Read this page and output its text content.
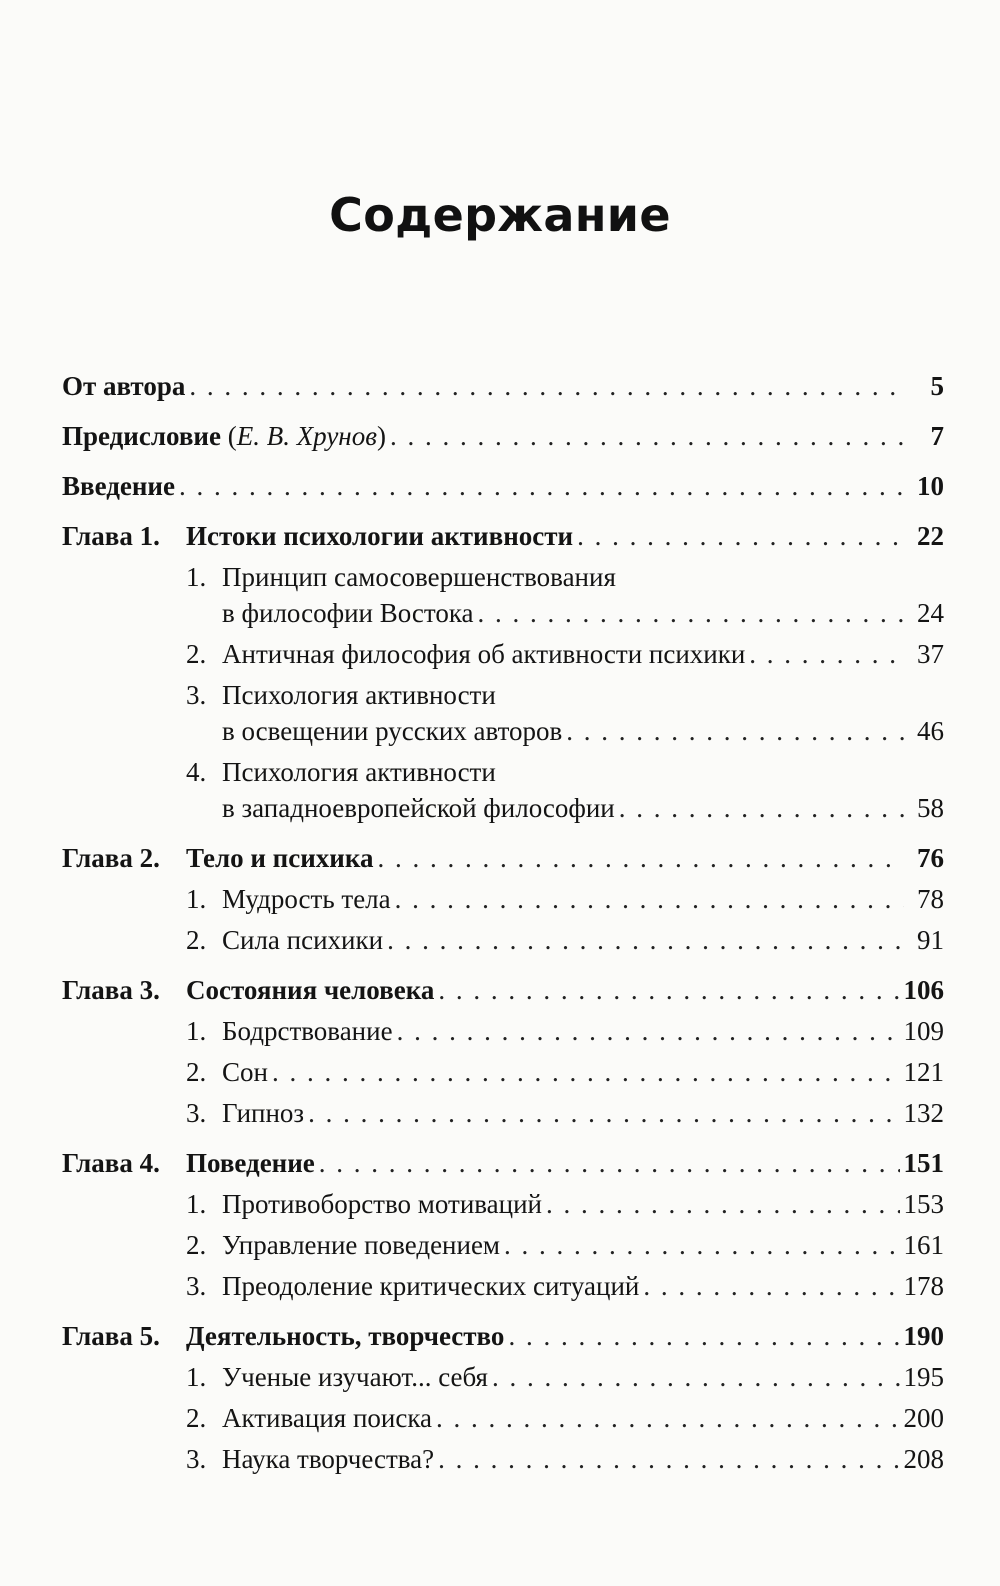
Содержание
От автора . . .	5
Предисловие (Е. В. Хрунов) . . .	7
Введение . . .	10
Глава 1. Истоки психологии активности . . .	22
1. Принцип самосовершенствования
в философии Востока . . .	24
2. Античная философия об активности психики . . .	37
3. Психология активности
в освещении русских авторов . . .	46
4. Психология активности
в западноевропейской философии . . .	58
Глава 2. Тело и психика . . .	76
1. Мудрость тела . . .	78
2. Сила психики . . .	91
Глава 3. Состояния человека . . .	106
1. Бодрствование . . .	109
2. Сон . . .	121
3. Гипноз . . .	132
Глава 4. Поведение . . .	151
1. Противоборство мотиваций . . .	153
2. Управление поведением . . .	161
3. Преодоление критических ситуаций . . .	178
Глава 5. Деятельность, творчество . . .	190
1. Ученые изучают... себя . . .	195
2. Активация поиска . . .	200
3. Наука творчества? . . .	208
